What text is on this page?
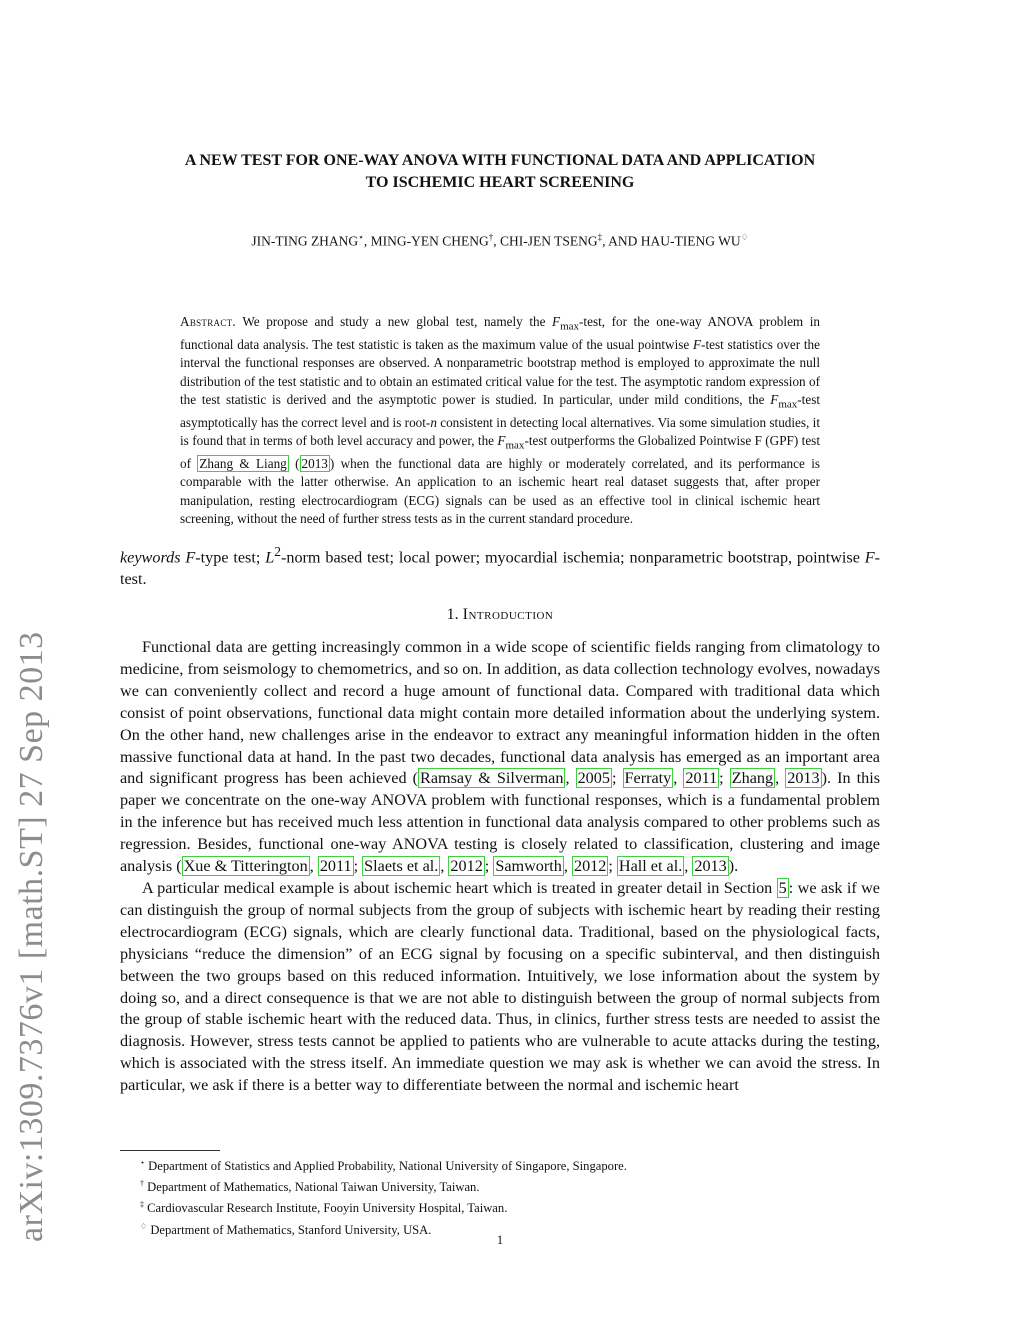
arXiv:1309.7376v1 [math.ST] 27 Sep 2013
A NEW TEST FOR ONE-WAY ANOVA WITH FUNCTIONAL DATA AND APPLICATION
TO ISCHEMIC HEART SCREENING
JIN-TING ZHANG⋆, MING-YEN CHENG†, CHI-JEN TSENG‡, AND HAU-TIENG WU♢

Abstract. We propose and study a new global test, namely the $F_{max}$-test, for the one-way ANOVA problem in functional data analysis. The test statistic is taken as the maximum value of the usual pointwise F-test statistics over the interval the functional responses are observed. A nonparametric bootstrap method is employed to approximate the null distribution of the test statistic and to obtain an estimated critical value for the test. The asymptotic random expression of the test statistic is derived and the asymptotic power is studied. In particular, under mild conditions, the $F_{max}$-test asymptotically has the correct level and is root-n consistent in detecting local alternatives. Via some simulation studies, it is found that in terms of both level accuracy and power, the $F_{max}$-test outperforms the Globalized Pointwise F (GPF) test of Zhang & Liang ( 2013 ) when the functional data are highly or moderately correlated, and its performance is comparable with the latter otherwise. An application to an ischemic heart real dataset suggests that, after proper manipulation, resting electrocardiogram (ECG) signals can be used as an effective tool in clinical ischemic heart screening, without the need of further stress tests as in the current standard procedure.

keywords F-type test; $L^2$-norm based test; local power; myocardial ischemia; nonparametric bootstrap, pointwise F-test.

1. Introduction

Functional data are getting increasingly common in a wide scope of scientific fields ranging from climatology to medicine, from seismology to chemometrics, and so on. In addition, as data collection technology evolves, nowadays we can conveniently collect and record a huge amount of functional data. Compared with traditional data which consist of point observations, functional data might contain more detailed information about the underlying system. On the other hand, new challenges arise in the endeavor to extract any meaningful information hidden in the often massive functional data at hand. In the past two decades, functional data analysis has emerged as an important area and significant progress has been achieved ( Ramsay & Silverman , 2005 ; Ferraty , 2011 ; Zhang , 2013 ). In this paper we concentrate on the one-way ANOVA problem with functional responses, which is a fundamental problem in the inference but has received much less attention in functional data analysis compared to other problems such as regression. Besides, functional one-way ANOVA testing is closely related to classification, clustering and image analysis ( Xue & Titterington , 2011 ; Slaets et al. , 2012 ; Samworth , 2012 ; Hall et al. , 2013 ).

A particular medical example is about ischemic heart which is treated in greater detail in Section 5 : we ask if we can distinguish the group of normal subjects from the group of subjects with ischemic heart by reading their resting electrocardiogram (ECG) signals, which are clearly functional data. Traditional, based on the physiological facts, physicians “reduce the dimension” of an ECG signal by focusing on a specific subinterval, and then distinguish between the two groups based on this reduced information. Intuitively, we lose information about the system by doing so, and a direct consequence is that we are not able to distinguish between the group of normal subjects from the group of stable ischemic heart with the reduced data. Thus, in clinics, further stress tests are needed to assist the diagnosis. However, stress tests cannot be applied to patients who are vulnerable to acute attacks during the testing, which is associated with the stress itself. An immediate question we may ask is whether we can avoid the stress. In particular, we ask if there is a better way to differentiate between the normal and ischemic heart

⋆ Department of Statistics and Applied Probability, National University of Singapore, Singapore.
† Department of Mathematics, National Taiwan University, Taiwan.
‡ Cardiovascular Research Institute, Fooyin University Hospital, Taiwan.
♢ Department of Mathematics, Stanford University, USA.
1
